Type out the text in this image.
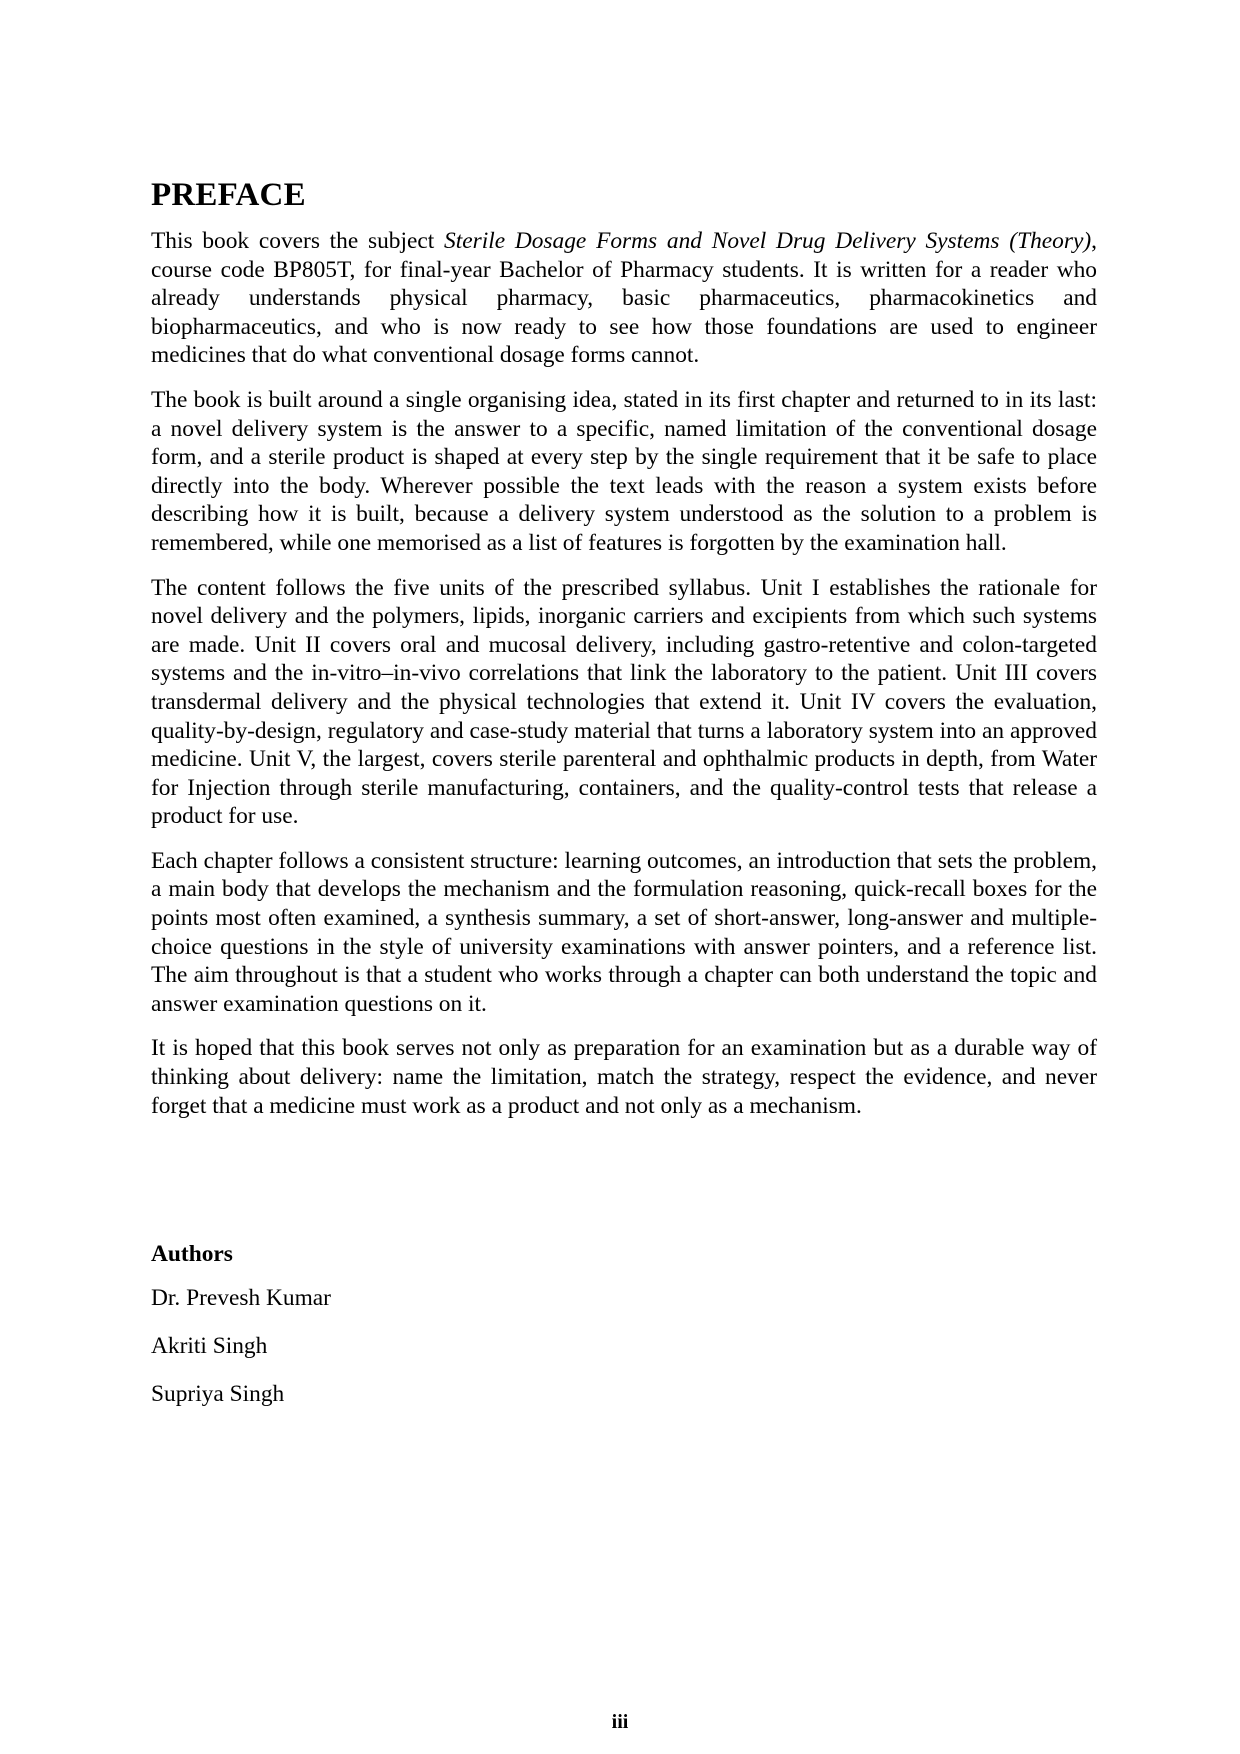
PREFACE

This book covers the subject Sterile Dosage Forms and Novel Drug Delivery Systems (Theory), course code BP805T, for final-year Bachelor of Pharmacy students. It is written for a reader who already understands physical pharmacy, basic pharmaceutics, pharmacokinetics and biopharmaceutics, and who is now ready to see how those foundations are used to engineer medicines that do what conventional dosage forms cannot.

The book is built around a single organising idea, stated in its first chapter and returned to in its last: a novel delivery system is the answer to a specific, named limitation of the conventional dosage form, and a sterile product is shaped at every step by the single requirement that it be safe to place directly into the body. Wherever possible the text leads with the reason a system exists before describing how it is built, because a delivery system understood as the solution to a problem is remembered, while one memorised as a list of features is forgotten by the examination hall.

The content follows the five units of the prescribed syllabus. Unit I establishes the rationale for novel delivery and the polymers, lipids, inorganic carriers and excipients from which such systems are made. Unit II covers oral and mucosal delivery, including gastro-retentive and colon-targeted systems and the in-vitro–in-vivo correlations that link the laboratory to the patient. Unit III covers transdermal delivery and the physical technologies that extend it. Unit IV covers the evaluation, quality-by-design, regulatory and case-study material that turns a laboratory system into an approved medicine. Unit V, the largest, covers sterile parenteral and ophthalmic products in depth, from Water for Injection through sterile manufacturing, containers, and the quality-control tests that release a product for use.

Each chapter follows a consistent structure: learning outcomes, an introduction that sets the problem, a main body that develops the mechanism and the formulation reasoning, quick-recall boxes for the points most often examined, a synthesis summary, a set of short-answer, long-answer and multiple-choice questions in the style of university examinations with answer pointers, and a reference list. The aim throughout is that a student who works through a chapter can both understand the topic and answer examination questions on it.

It is hoped that this book serves not only as preparation for an examination but as a durable way of thinking about delivery: name the limitation, match the strategy, respect the evidence, and never forget that a medicine must work as a product and not only as a mechanism.

Authors
Dr. Prevesh Kumar
Akriti Singh
Supriya Singh
iii
